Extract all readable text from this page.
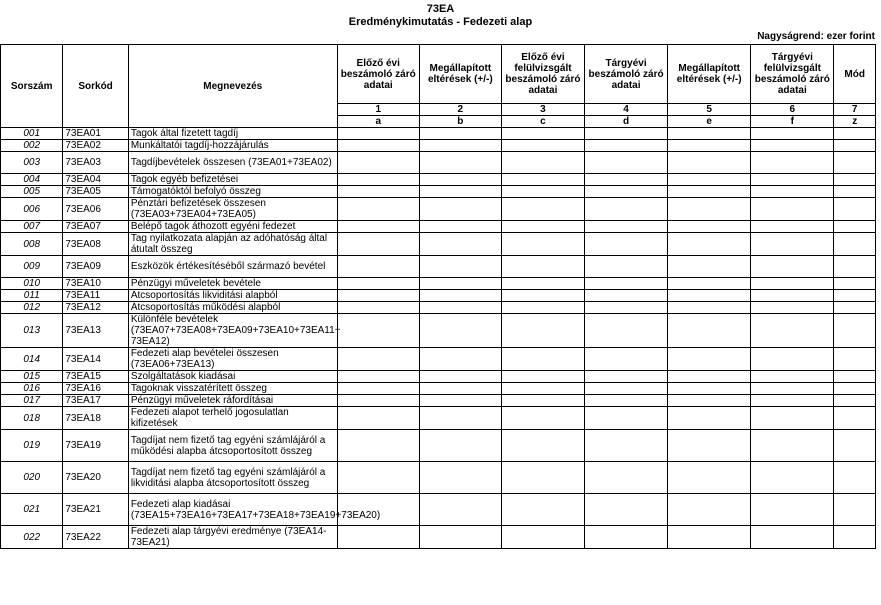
73EA
Eredménykimutatás - Fedezeti alap
Nagyságrend: ezer forint
Sorszám	Sorkód	Megnevezés	Előző évi beszámoló záró adatai	Megállapított eltérések (+/-)	Előző évi felülvizsgált beszámoló záró adatai	Tárgyévi beszámoló záró adatai	Megállapított eltérések (+/-)	Tárgyévi felülvizsgált beszámoló záró adatai	Mód
			1	2	3	4	5	6	7
			a	b	c	d	e	f	z
001	73EA01	Tagok által fizetett tagdíj							
002	73EA02	Munkáltatói tagdíj-hozzájárulás							
003	73EA03	Tagdíjbevételek összesen (73EA01+73EA02)							
004	73EA04	Tagok egyéb befizetései							
005	73EA05	Támogatóktól befolyó összeg							
006	73EA06	Pénztári befizetések összesen (73EA03+73EA04+73EA05)							
007	73EA07	Belépő tagok áthozott egyéni fedezet							
008	73EA08	Tag nyilatkozata alapján az adóhatóság által átutalt összeg							
009	73EA09	Eszközök értékesítéséből származó bevétel							
010	73EA10	Pénzügyi műveletek bevétele							
011	73EA11	Átcsoportosítás likviditási alapból							
012	73EA12	Átcsoportosítás működési alapból							
013	73EA13	Különféle bevételek (73EA07+73EA08+73EA09+73EA10+73EA11+ 73EA12)							
014	73EA14	Fedezeti alap bevételei összesen (73EA06+73EA13)							
015	73EA15	Szolgáltatások kiadásai							
016	73EA16	Tagoknak visszatérített összeg							
017	73EA17	Pénzügyi műveletek ráfordításai							
018	73EA18	Fedezeti alapot terhelő jogosulatlan kifizetések							
019	73EA19	Tagdíjat nem fizető tag egyéni számlájáról a működési alapba átcsoportosított összeg							
020	73EA20	Tagdíjat nem fizető tag egyéni számlájáról a likviditási alapba átcsoportosított összeg							
021	73EA21	Fedezeti alap kiadásai (73EA15+73EA16+73EA17+73EA18+73EA19+73EA20)							
022	73EA22	Fedezeti alap tárgyévi eredménye (73EA14-73EA21)							
